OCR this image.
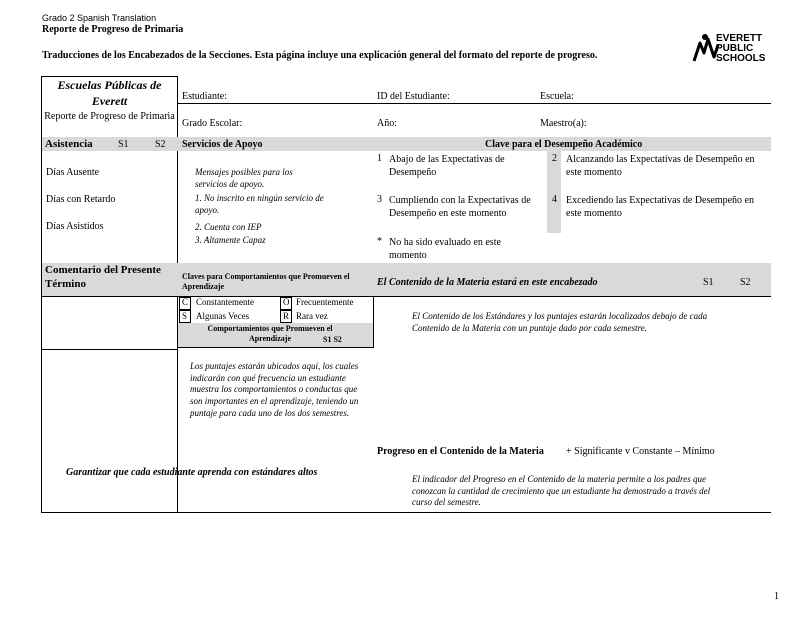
Grado 2 Spanish Translation
Reporte de Progreso de Primaria
Traducciones de los Encabezados de la Secciones. Esta página incluye una explicación general del formato del reporte de progreso.
EVERETT
PUBLIC
SCHOOLS
Escuelas Públicas de Everett
Reporte de Progreso de Primaria
Estudiante:	ID del Estudiante:	Escuela:
Grado Escolar:	Año:	Maestro(a):
Asistencia	S1	S2
Días Ausente
Días con Retardo
Días Asistidos
Servicios de Apoyo
Mensajes posibles para los servicios de apoyo.
1. No inscrito en ningún servicio de apoyo.
2. Cuenta con IEP
3. Altamente Capaz
Clave para el Desempeño Académico
1 Abajo de las Expectativas de Desempeño
2 Alcanzando las Expectativas de Desempeño en este momento
3 Cumpliendo con la Expectativas de Desempeño en este momento
4 Excediendo las Expectativas de Desempeño en este momento
* No ha sido evaluado en este momento
Comentario del Presente Término
Claves para Comportamientos que Promueven el Aprendizaje
C Constantemente	O Frecuentemente
S Algunas Veces	R Rara vez
Comportamientos que Promueven el Aprendizaje	S1 S2
Los puntajes estarán ubicados aquí, los cuales indicarán con qué frecuencia un estudiante muestra los comportamientos o conductas que son importantes en el aprendizaje, teniendo un puntaje para cada uno de los dos semestres.
El Contenido de la Materia estará en este encabezado	S1	S2
El Contenido de los Estándares y los puntajes estarán localizados debajo de cada Contenido de la Materia con un puntaje dado por cada semestre.
Progreso en el Contenido de la Materia + Significante v Constante – Mínimo
El indicador del Progreso en el Contenido de la materia permite a los padres que conozcan la cantidad de crecimiento que un estudiante ha demostrado a través del curso del semestre.
Garantizar que cada estudiante aprenda con estándares altos
1
